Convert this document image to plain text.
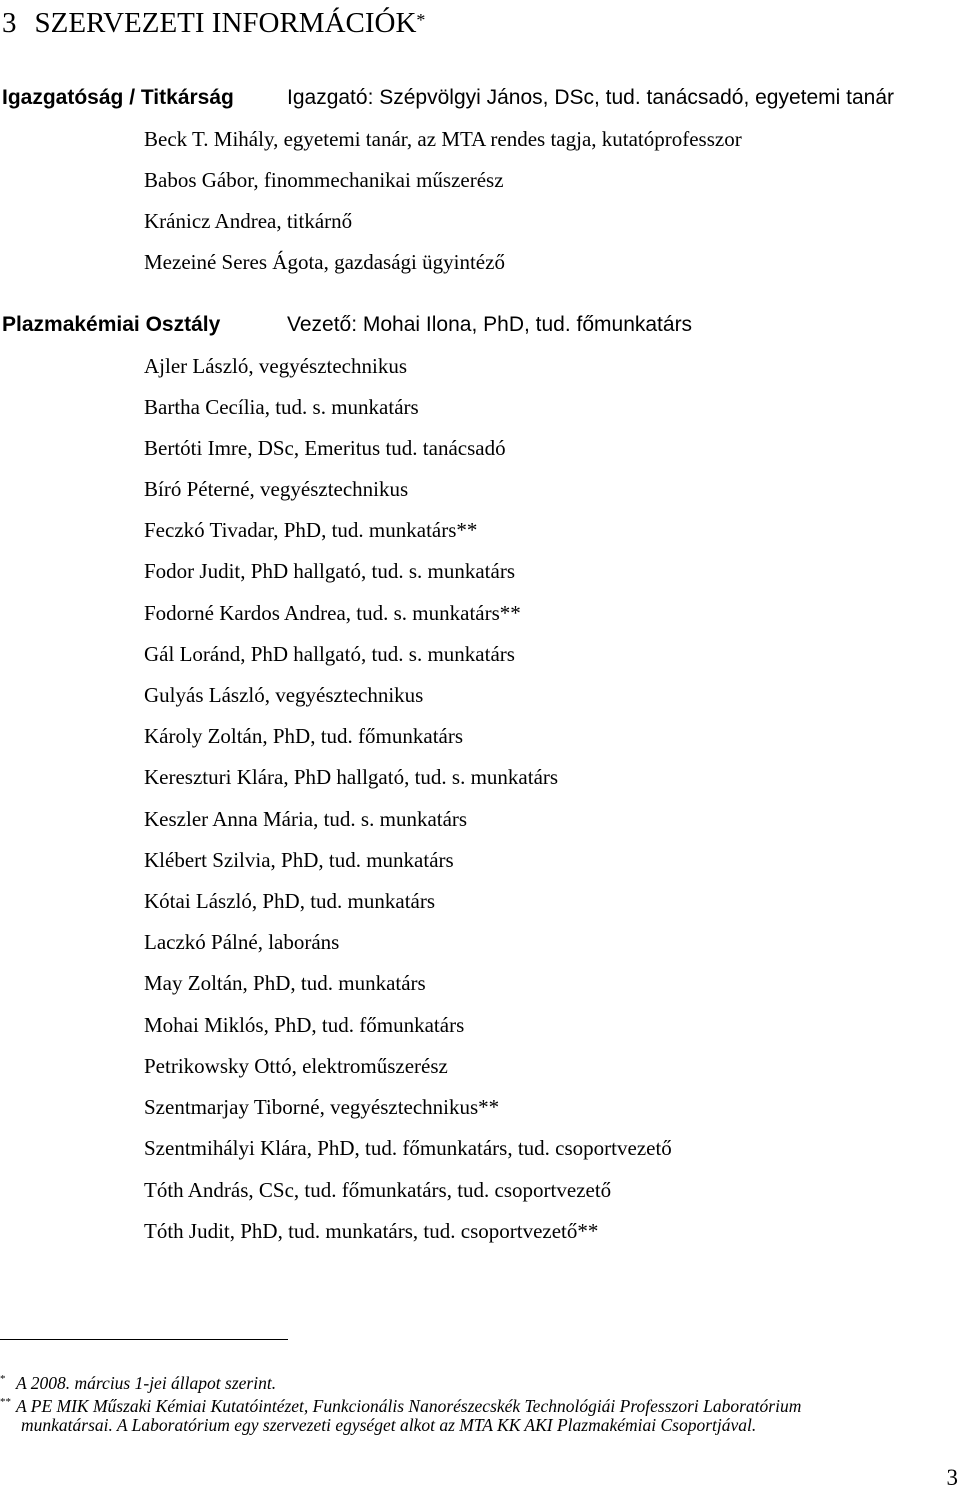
3 SZERVEZETI INFORMÁCIÓK*
Igazgatóság / Titkárság	Igazgató: Szépvölgyi János, DSc, tud. tanácsadó, egyetemi tanár
Beck T. Mihály, egyetemi tanár, az MTA rendes tagja, kutatóprofesszor
Babos Gábor, finommechanikai műszerész
Kránicz Andrea, titkárnő
Mezeiné Seres Ágota, gazdasági ügyintéző
Plazmakémiai Osztály	Vezető: Mohai Ilona, PhD, tud. főmunkatárs
Ajler László, vegyésztechnikus
Bartha Cecília, tud. s. munkatárs
Bertóti Imre, DSc, Emeritus tud. tanácsadó
Bíró Péterné, vegyésztechnikus
Feczkó Tivadar, PhD, tud. munkatárs**
Fodor Judit, PhD hallgató, tud. s. munkatárs
Fodorné Kardos Andrea, tud. s. munkatárs**
Gál Loránd, PhD hallgató, tud. s. munkatárs
Gulyás László, vegyésztechnikus
Károly Zoltán, PhD, tud. főmunkatárs
Kereszturi Klára, PhD hallgató, tud. s. munkatárs
Keszler Anna Mária, tud. s. munkatárs
Klébert Szilvia, PhD, tud. munkatárs
Kótai László, PhD, tud. munkatárs
Laczkó Pálné, laboráns
May Zoltán, PhD, tud. munkatárs
Mohai Miklós, PhD, tud. főmunkatárs
Petrikowsky Ottó, elektroműszerész
Szentmarjay Tiborné, vegyésztechnikus**
Szentmihályi Klára, PhD, tud. főmunkatárs, tud. csoportvezető
Tóth András, CSc, tud. főmunkatárs, tud. csoportvezető
Tóth Judit, PhD, tud. munkatárs, tud. csoportvezető**
* A 2008. március 1-jei állapot szerint.
** A PE MIK Műszaki Kémiai Kutatóintézet, Funkcionális Nanorészecskék Technológiái Professzori Laboratórium
munkatársai. A Laboratórium egy szervezeti egységet alkot az MTA KK AKI Plazmakémiai Csoportjával.
3
